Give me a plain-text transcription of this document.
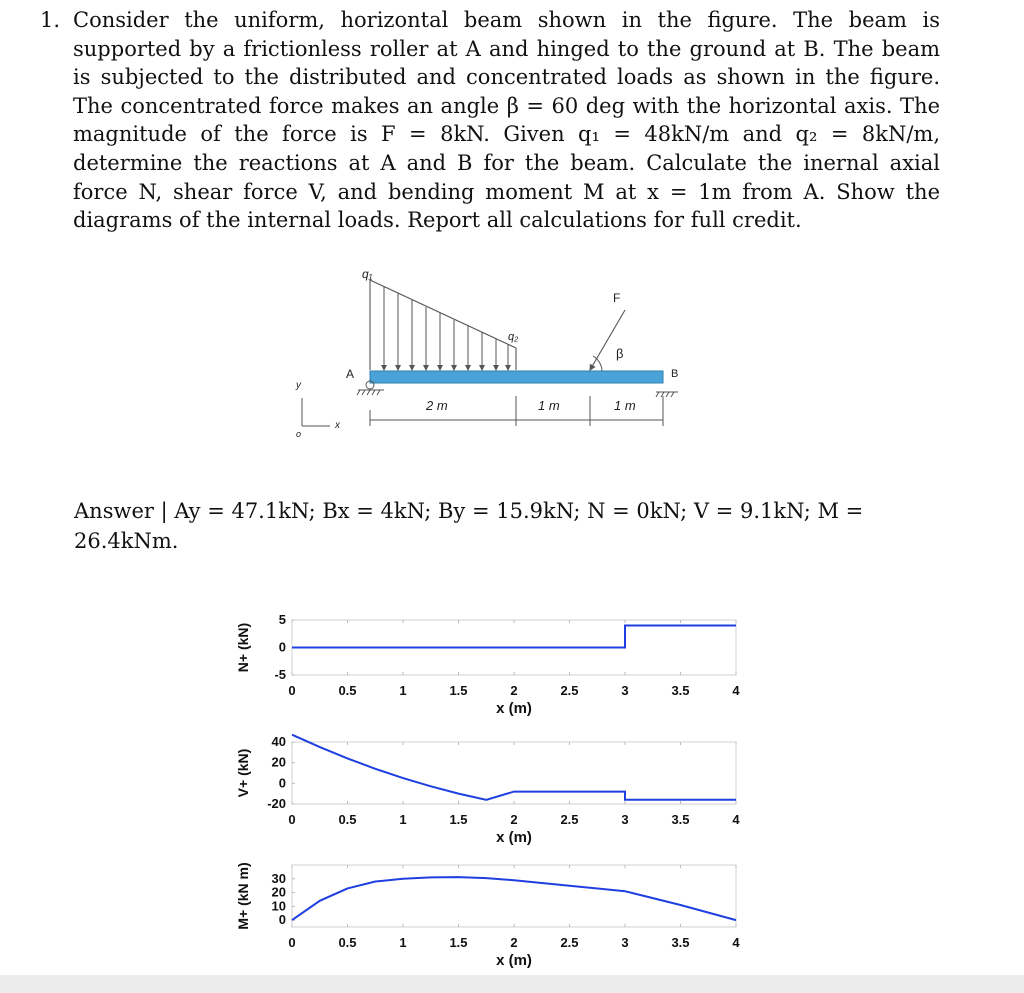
1. Consider the uniform, horizontal beam shown in the figure. The beam is supported by a frictionless roller at A and hinged to the ground at B. The beam is subjected to the distributed and concentrated loads as shown in the figure. The concentrated force makes an angle β = 60 deg with the horizontal axis. The magnitude of the force is F = 8kN. Given q₁ = 48kN/m and q₂ = 8kN/m, determine the reactions at A and B for the beam. Calculate the inernal axial force N, shear force V, and bending moment M at x = 1m from A. Show the diagrams of the internal loads. Report all calculations for full credit.

q₁
q₂
A	B
F
β
2 m	1 m	1 m
y
x
o

Answer | Ay = 47.1kN; Bx = 4kN; By = 15.9kN; N = 0kN; V = 9.1kN; M = 26.4kNm.

0	0.5	1	1.5	2	2.5	3	3.5	4
5
0
-5
x (m)
N+ (kN)
0	0.5	1	1.5	2	2.5	3	3.5	4
40
20
0
-20
x (m)
V+ (kN)
0	0.5	1	1.5	2	2.5	3	3.5	4
30
20
10
0
x (m)
M+ (kN m)
